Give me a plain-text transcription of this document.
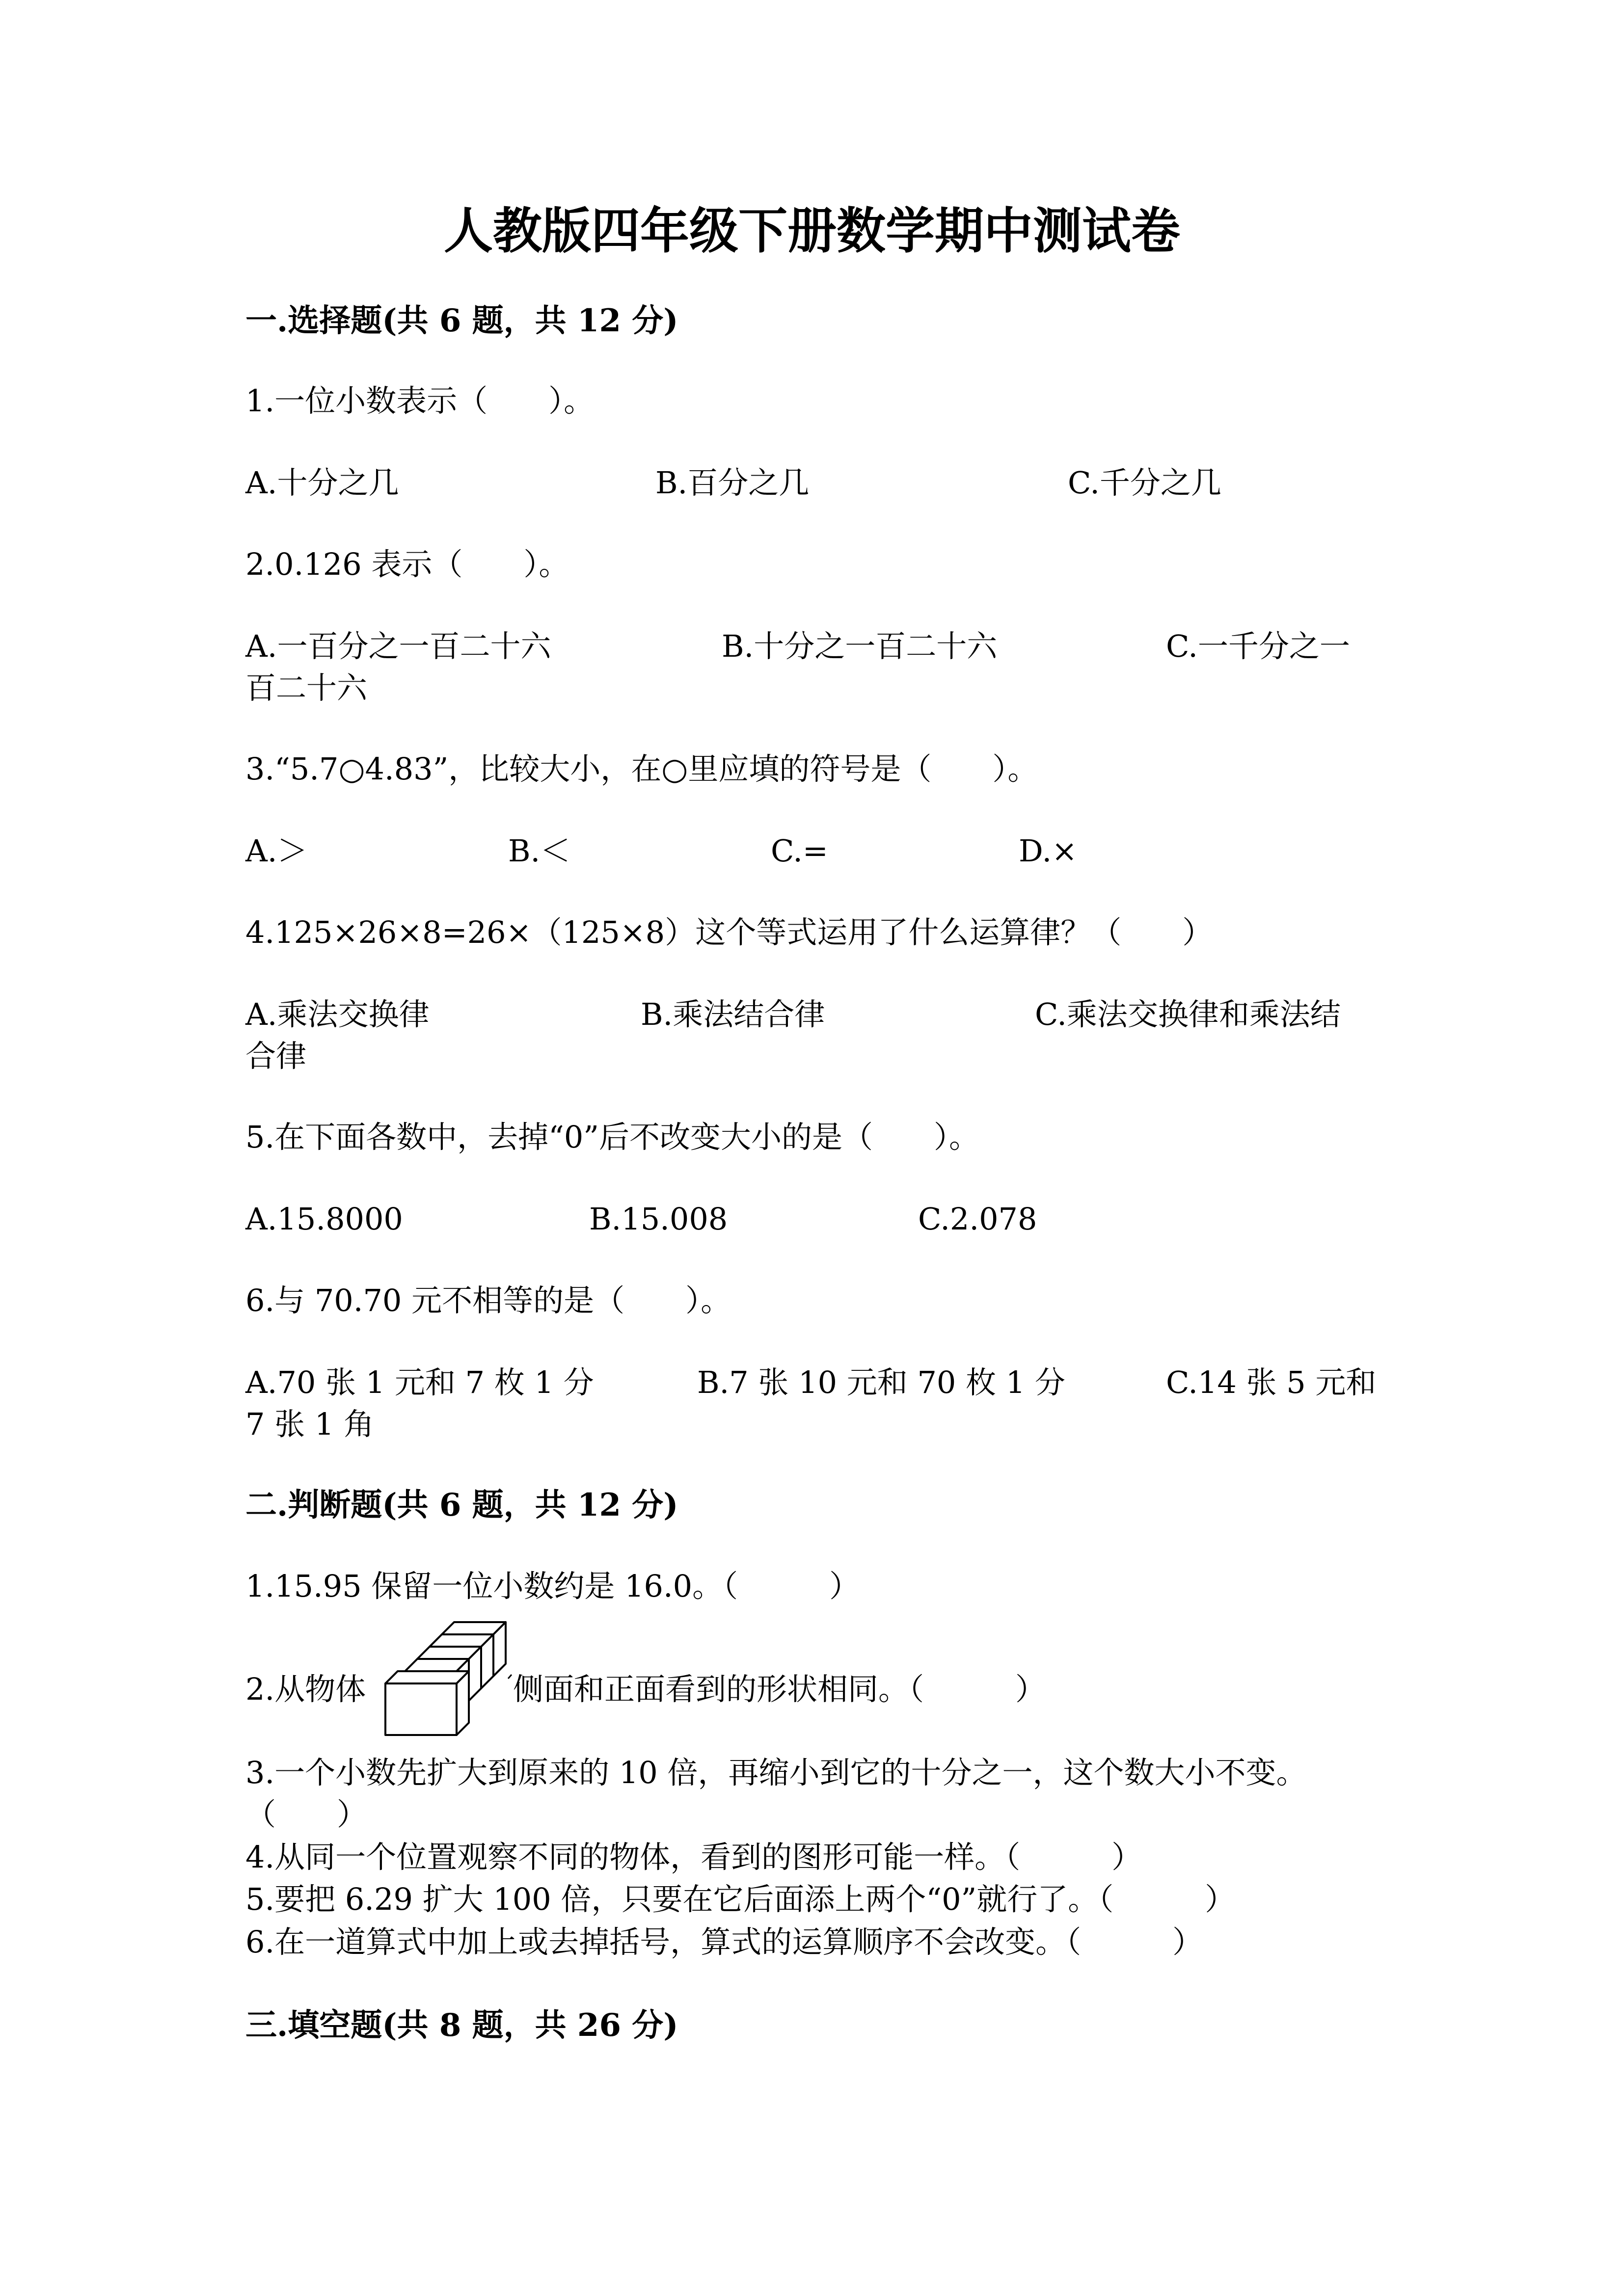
人教版四年级下册数学期中测试卷
一.选择题(共 6 题，共 12 分)
1.一位小数表示（　　）。
A.十分之几	B.百分之几	C.千分之几
2.0.126 表示（　　）。
A.一百分之一百二十六	B.十分之一百二十六	C.一千分之一
百二十六
3.“5.7○4.83”，比较大小，在○里应填的符号是（　　）。
A.＞	B.＜	C.=	D.×
4.125×26×8=26×（125×8）这个等式运用了什么运算律？（　　）
A.乘法交换律	B.乘法结合律	C.乘法交换律和乘法结
合律
5.在下面各数中，去掉“0”后不改变大小的是（　　）。
A.15.8000	B.15.008	C.2.078
6.与 70.70 元不相等的是（　　）。
A.70 张 1 元和 7 枚 1 分	B.7 张 10 元和 70 枚 1 分	C.14 张 5 元和
7 张 1 角
二.判断题(共 6 题，共 12 分)
1.15.95 保留一位小数约是 16.0。（　　　）
2.从物体	侧面和正面看到的形状相同。（　　　）
3.一个小数先扩大到原来的 10 倍，再缩小到它的十分之一，这个数大小不变。
（　　）
4.从同一个位置观察不同的物体，看到的图形可能一样。（　　　）
5.要把 6.29 扩大 100 倍，只要在它后面添上两个“0”就行了。（　　　）
6.在一道算式中加上或去掉括号，算式的运算顺序不会改变。（　　　）
三.填空题(共 8 题，共 26 分)
